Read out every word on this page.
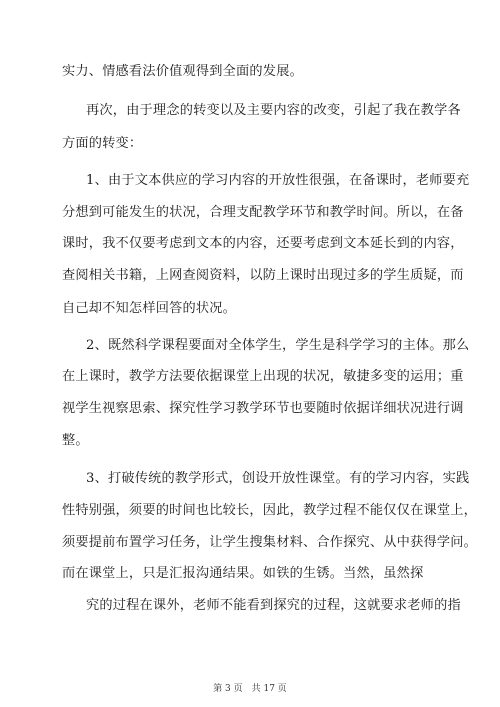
实力、情感看法价值观得到全面的发展。
再次，由于理念的转变以及主要内容的改变，引起了我在教学各
方面的转变：
1、由于文本供应的学习内容的开放性很强，在备课时，老师要充
分想到可能发生的状况，合理支配教学环节和教学时间。所以，在备
课时，我不仅要考虑到文本的内容，还要考虑到文本延长到的内容，
查阅相关书籍，上网查阅资料，以防上课时出现过多的学生质疑，而
自己却不知怎样回答的状况。
2、既然科学课程要面对全体学生，学生是科学学习的主体。那么
在上课时，教学方法要依据课堂上出现的状况，敏捷多变的运用；重
视学生视察思索、探究性学习教学环节也要随时依据详细状况进行调
整。
3、打破传统的教学形式，创设开放性课堂。有的学习内容，实践
性特别强，须要的时间也比较长，因此，教学过程不能仅仅在课堂上，
须要提前布置学习任务，让学生搜集材料、合作探究、从中获得学问。
而在课堂上，只是汇报沟通结果。如铁的生锈。当然，虽然探
究的过程在课外，老师不能看到探究的过程，这就要求老师的指
第 3 页　共 17 页
